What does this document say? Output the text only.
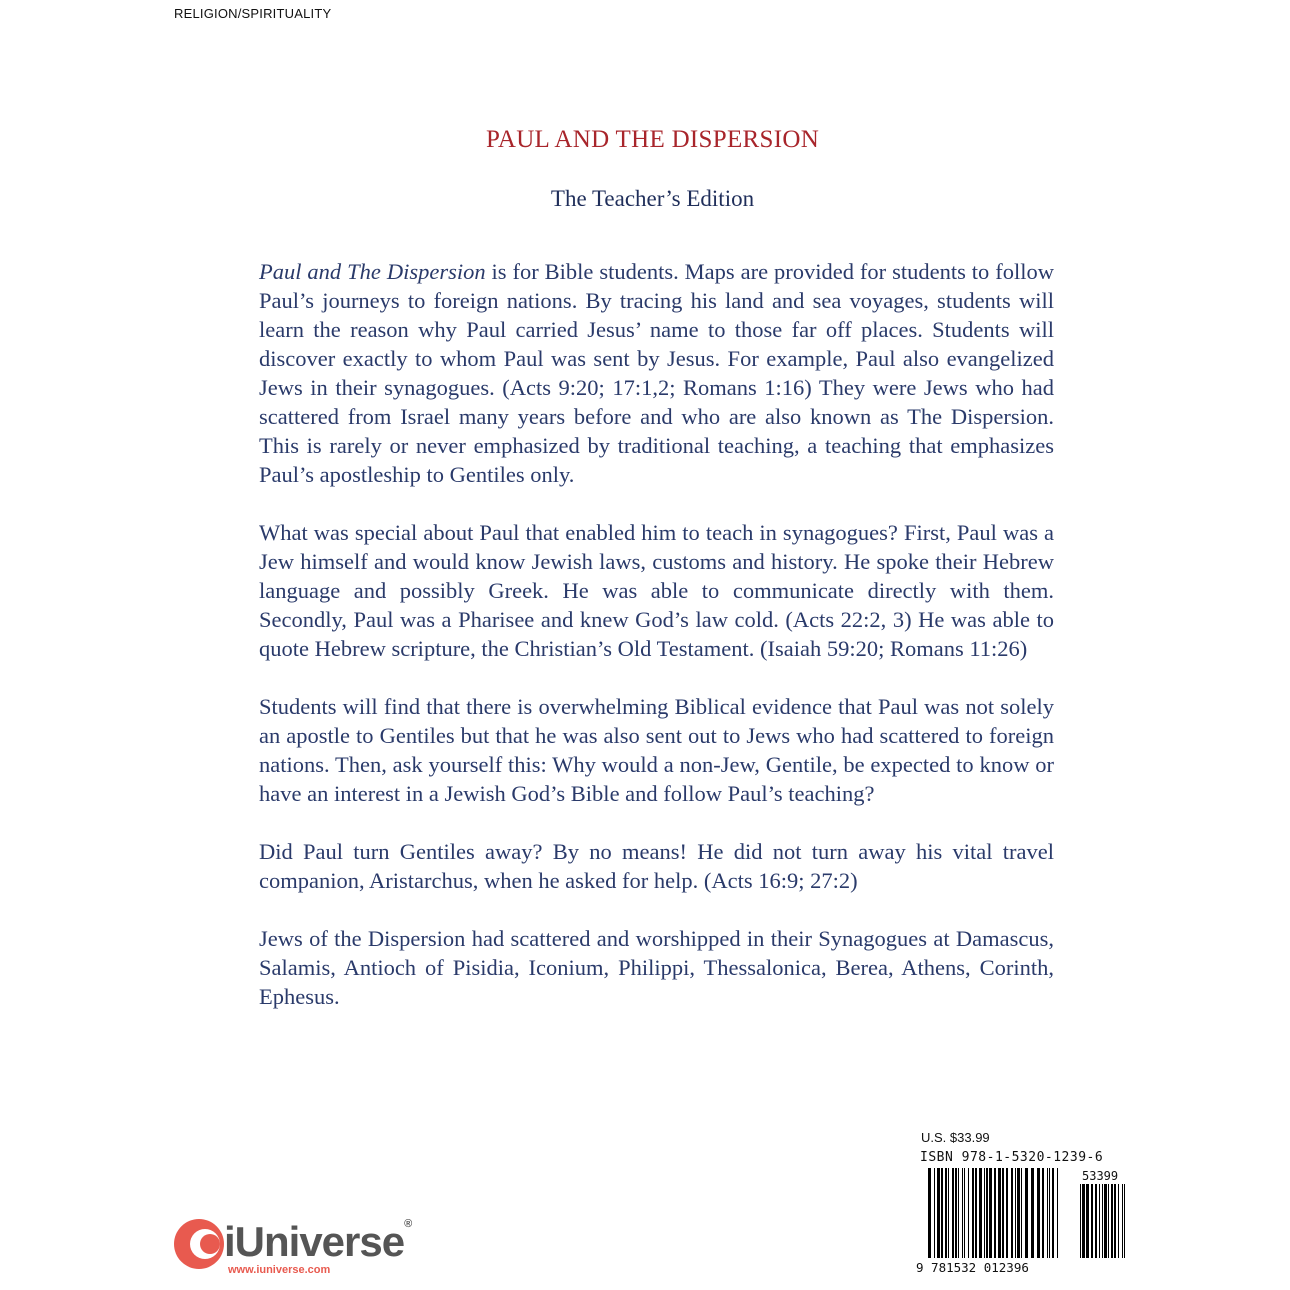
RELIGION/SPIRITUALITY
PAUL AND THE DISPERSION
The Teacher’s Edition

Paul and The Dispersion is for Bible students. Maps are provided for students to follow Paul’s journeys to foreign nations. By tracing his land and sea voyages, students will learn the reason why Paul carried Jesus’ name to those far off places. Students will discover exactly to whom Paul was sent by Jesus. For example, Paul also evangelized Jews in their synagogues. (Acts 9:20; 17:1,2; Romans 1:16) They were Jews who had scattered from Israel many years before and who are also known as The Dispersion. This is rarely or never emphasized by traditional teaching, a teaching that emphasizes Paul’s apostleship to Gentiles only.

What was special about Paul that enabled him to teach in synagogues? First, Paul was a Jew himself and would know Jewish laws, customs and history. He spoke their Hebrew language and possibly Greek. He was able to communicate directly with them. Secondly, Paul was a Pharisee and knew God’s law cold. (Acts 22:2, 3) He was able to quote Hebrew scripture, the Christian’s Old Testament. (Isaiah 59:20; Romans 11:26)

Students will find that there is overwhelming Biblical evidence that Paul was not solely an apostle to Gentiles but that he was also sent out to Jews who had scattered to foreign nations. Then, ask yourself this: Why would a non-Jew, Gentile, be expected to know or have an interest in a Jewish God’s Bible and follow Paul’s teaching?

Did Paul turn Gentiles away? By no means! He did not turn away his vital travel companion, Aristarchus, when he asked for help. (Acts 16:9; 27:2)

Jews of the Dispersion had scattered and worshipped in their Synagogues at Damascus, Salamis, Antioch of Pisidia, Iconium, Philippi, Thessalonica, Berea, Athens, Corinth, Ephesus.

iUniverse®
www.iuniverse.com
U.S. $33.99
ISBN 978-1-5320-1239-6
53399
9 781532 012396
